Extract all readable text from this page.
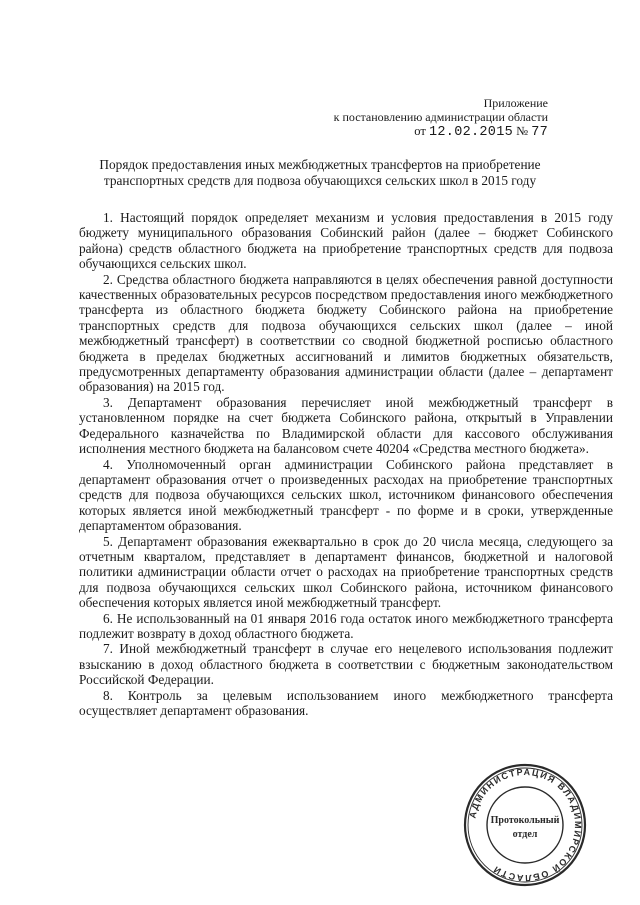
Приложение
к постановлению администрации области
от 12.02.2015 № 77
Порядок предоставления иных межбюджетных трансфертов на приобретение
транспортных средств для подвоза обучающихся сельских школ в 2015 году

1. Настоящий порядок определяет механизм и условия предоставления в 2015 году бюджету муниципального образования Собинский район (далее – бюджет Собинского района) средств областного бюджета на приобретение транспортных средств для подвоза обучающихся сельских школ.

2. Средства областного бюджета направляются в целях обеспечения равной доступности качественных образовательных ресурсов посредством предоставления иного межбюджетного трансферта из областного бюджета бюджету Собинского района на приобретение транспортных средств для подвоза обучающихся сельских школ (далее – иной межбюджетный трансферт) в соответствии со сводной бюджетной росписью областного бюджета в пределах бюджетных ассигнований и лимитов бюджетных обязательств, предусмотренных департаменту образования администрации области (далее – департамент образования) на 2015 год.

3. Департамент образования перечисляет иной межбюджетный трансферт в установленном порядке на счет бюджета Собинского района, открытый в Управлении Федерального казначейства по Владимирской области для кассового обслуживания исполнения местного бюджета на балансовом счете 40204 «Средства местного бюджета».

4. Уполномоченный орган администрации Собинского района представляет в департамент образования отчет о произведенных расходах на приобретение транспортных средств для подвоза обучающихся сельских школ, источником финансового обеспечения которых является иной межбюджетный трансферт - по форме и в сроки, утвержденные департаментом образования.

5. Департамент образования ежеквартально в срок до 20 числа месяца, следующего за отчетным кварталом, представляет в департамент финансов, бюджетной и налоговой политики администрации области отчет о расходах на приобретение транспортных средств для подвоза обучающихся сельских школ Собинского района, источником финансового обеспечения которых является иной межбюджетный трансферт.

6. Не использованный на 01 января 2016 года остаток иного межбюджетного трансферта подлежит возврату в доход областного бюджета.

7. Иной межбюджетный трансферт в случае его нецелевого использования подлежит взысканию в доход областного бюджета в соответствии с бюджетным законодательством Российской Федерации.

8. Контроль за целевым использованием иного межбюджетного трансферта осуществляет департамент образования.

АДМИНИСТРАЦИЯ ВЛАДИМИРСКОЙ ОБЛАСТИ
Протокольный
отдел
